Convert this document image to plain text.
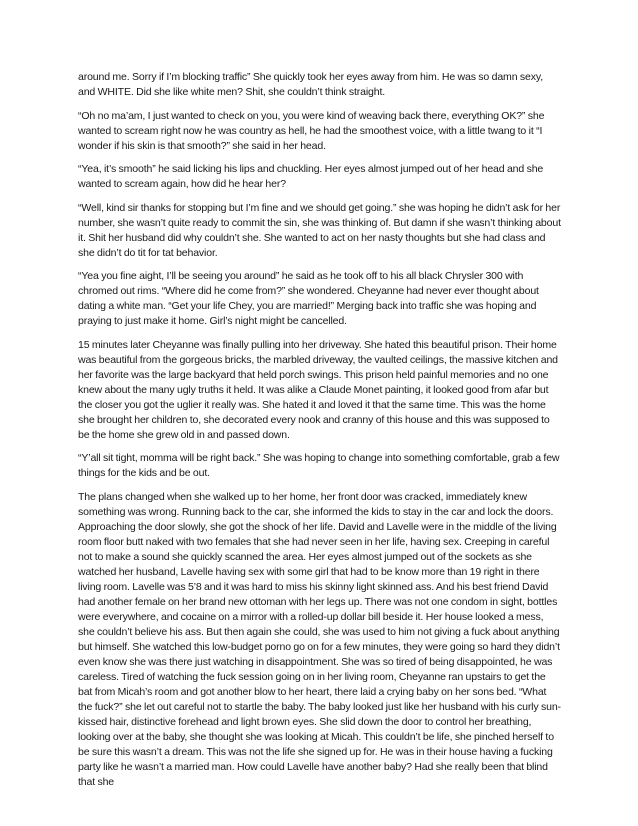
around me. Sorry if I’m blocking traffic” She quickly took her eyes away from him. He was so damn sexy, and WHITE. Did she like white men? Shit, she couldn’t think straight.

“Oh no ma’am, I just wanted to check on you, you were kind of weaving back there, everything OK?” she wanted to scream right now he was country as hell, he had the smoothest voice, with a little twang to it “I wonder if his skin is that smooth?” she said in her head.

“Yea, it’s smooth” he said licking his lips and chuckling. Her eyes almost jumped out of her head and she wanted to scream again, how did he hear her?

“Well, kind sir thanks for stopping but I’m fine and we should get going.” she was hoping he didn’t ask for her number, she wasn’t quite ready to commit the sin, she was thinking of. But damn if she wasn’t thinking about it. Shit her husband did why couldn’t she. She wanted to act on her nasty thoughts but she had class and she didn’t do tit for tat behavior.

“Yea you fine aight, I’ll be seeing you around” he said as he took off to his all black Chrysler 300 with chromed out rims. “Where did he come from?” she wondered. Cheyanne had never ever thought about dating a white man. “Get your life Chey, you are married!” Merging back into traffic she was hoping and praying to just make it home. Girl’s night might be cancelled.

15 minutes later Cheyanne was finally pulling into her driveway. She hated this beautiful prison. Their home was beautiful from the gorgeous bricks, the marbled driveway, the vaulted ceilings, the massive kitchen and her favorite was the large backyard that held porch swings. This prison held painful memories and no one knew about the many ugly truths it held. It was alike a Claude Monet painting, it looked good from afar but the closer you got the uglier it really was. She hated it and loved it that the same time. This was the home she brought her children to, she decorated every nook and cranny of this house and this was supposed to be the home she grew old in and passed down.

“Y’all sit tight, momma will be right back.” She was hoping to change into something comfortable, grab a few things for the kids and be out.

The plans changed when she walked up to her home, her front door was cracked, immediately knew something was wrong. Running back to the car, she informed the kids to stay in the car and lock the doors. Approaching the door slowly, she got the shock of her life. David and Lavelle were in the middle of the living room floor butt naked with two females that she had never seen in her life, having sex. Creeping in careful not to make a sound she quickly scanned the area. Her eyes almost jumped out of the sockets as she watched her husband, Lavelle having sex with some girl that had to be know more than 19 right in there living room. Lavelle was 5’8 and it was hard to miss his skinny light skinned ass. And his best friend David had another female on her brand new ottoman with her legs up. There was not one condom in sight, bottles were everywhere, and cocaine on a mirror with a rolled-up dollar bill beside it. Her house looked a mess, she couldn’t believe his ass. But then again she could, she was used to him not giving a fuck about anything but himself. She watched this low-budget porno go on for a few minutes, they were going so hard they didn’t even know she was there just watching in disappointment. She was so tired of being disappointed, he was careless. Tired of watching the fuck session going on in her living room, Cheyanne ran upstairs to get the bat from Micah’s room and got another blow to her heart, there laid a crying baby on her sons bed. “What the fuck?” she let out careful not to startle the baby. The baby looked just like her husband with his curly sun-kissed hair, distinctive forehead and light brown eyes. She slid down the door to control her breathing, looking over at the baby, she thought she was looking at Micah. This couldn’t be life, she pinched herself to be sure this wasn’t a dream. This was not the life she signed up for. He was in their house having a fucking party like he wasn’t a married man. How could Lavelle have another baby? Had she really been that blind that she
